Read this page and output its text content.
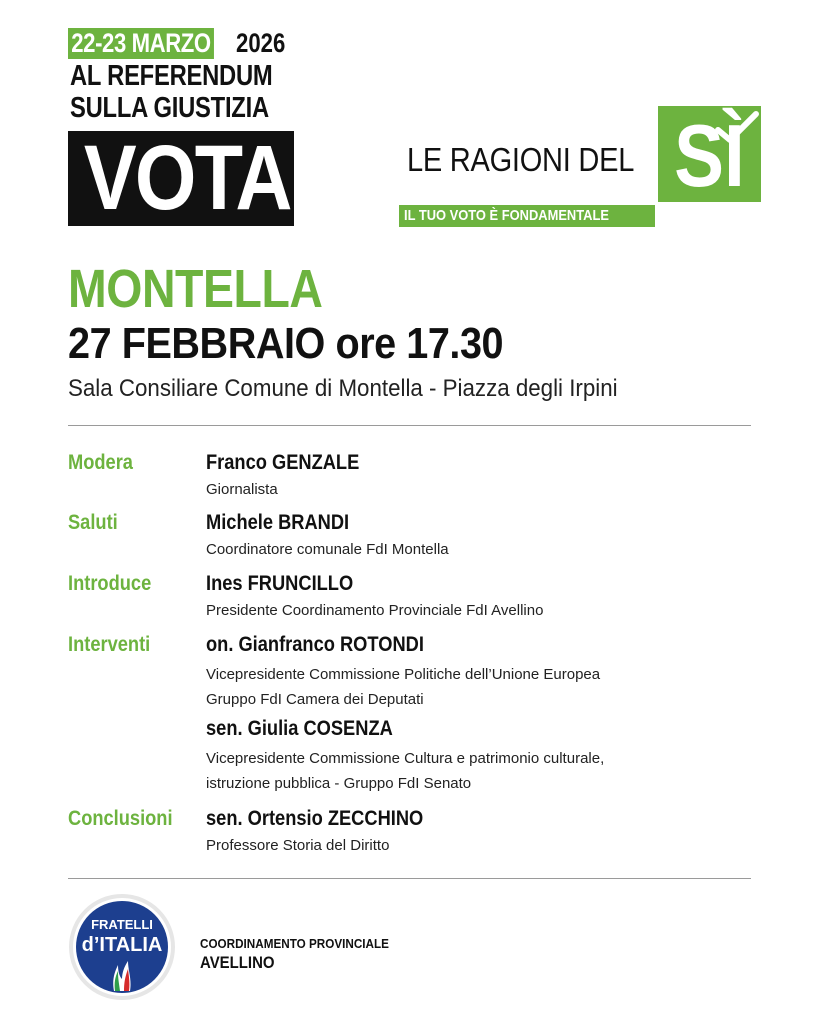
22-23 MARZO 2026
AL REFERENDUM
SULLA GIUSTIZIA
VOTA	LE RAGIONI DEL SÌ
IL TUO VOTO È FONDAMENTALE
MONTELLA
27 FEBBRAIO ore 17.30
Sala Consiliare Comune di Montella - Piazza degli Irpini
Modera	Franco GENZALE
Giornalista
Saluti	Michele BRANDI
Coordinatore comunale FdI Montella
Introduce	Ines FRUNCILLO
Presidente Coordinamento Provinciale FdI Avellino
Interventi	on. Gianfranco ROTONDI
Vicepresidente Commissione Politiche dell’Unione Europea
Gruppo FdI Camera dei Deputati
sen. Giulia COSENZA
Vicepresidente Commissione Cultura e patrimonio culturale,
istruzione pubblica - Gruppo FdI Senato
Conclusioni sen. Ortensio ZECCHINO
Professore Storia del Diritto
FRATELLI
d’ITALIA	COORDINAMENTO PROVINCIALE
AVELLINO
